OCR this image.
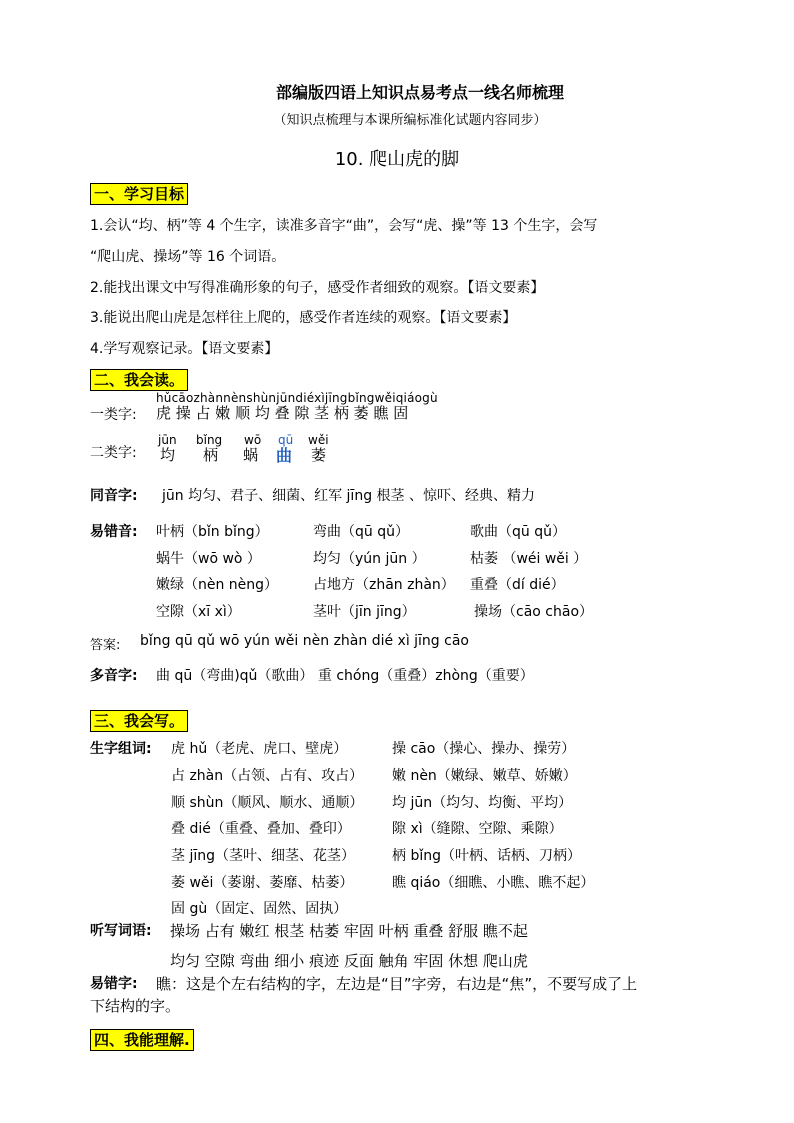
部编版四语上知识点易考点一线名师梳理
（知识点梳理与本课所编标准化试题内容同步）
10. 爬山虎的脚
一、学习目标
1.会认“均、柄”等 4 个生字，读准多音字“曲”，会写“虎、操”等 13 个生字，会写
“爬山虎、操场”等 16 个词语。
2.能找出课文中写得准确形象的句子，感受作者细致的观察。【语文要素】
3.能说出爬山虎是怎样往上爬的，感受作者连续的观察。【语文要素】
4.学写观察记录。【语文要素】
二、我会读。
hǔcāozhànnènshùnjūndiéxìjīngbǐngwěiqiáogù
一类字: 虎 操 占 嫩 顺 均 叠 隙 茎 柄 萎 瞧 固
二类字:
jūn bǐng wō qū wěi
均 柄 蜗 曲 萎
同音字: jūn 均匀、君子、细菌、红军 jīng 根茎 、惊吓、经典、精力
易错音: 叶柄（bǐn bǐng）	弯曲（qū qǔ）	歌曲（qū qǔ）
蜗牛（wō wò ）	均匀（yún jūn ）	枯萎 （wéi wěi ）
嫩绿（nèn nèng） 占地方（zhān zhàn） 重叠（dí dié）
空隙（xī xì）	茎叶（jīn jīng）	操场（cāo chāo）
答案: bǐng qū qǔ wō yún wěi nèn zhàn dié xì jīng cāo
多音字: 曲 qū（弯曲)qǔ（歌曲） 重 chóng（重叠）zhòng（重要）
三、我会写。
生字组词: 虎 hǔ（老虎、虎口、壁虎）	操 cāo（操心、操办、操劳）
占 zhàn（占领、占有、攻占） 嫩 nèn（嫩绿、嫩草、娇嫩）
顺 shùn（顺风、顺水、通顺） 均 jūn（均匀、均衡、平均）
叠 dié（重叠、叠加、叠印）	隙 xì（缝隙、空隙、乘隙）
茎 jīng（茎叶、细茎、花茎）	柄 bǐng（叶柄、话柄、刀柄）
萎 wěi（萎谢、萎靡、枯萎）	瞧 qiáo（细瞧、小瞧、瞧不起）
固 gù（固定、固然、固执）
听写词语: 操场 占有 嫩红 根茎 枯萎 牢固 叶柄 重叠 舒服 瞧不起
均匀 空隙 弯曲 细小 痕迹 反面 触角 牢固 休想 爬山虎
易错字: 瞧：这是个左右结构的字，左边是“目”字旁，右边是“焦”，不要写成了上
下结构的字。
四、我能理解.
